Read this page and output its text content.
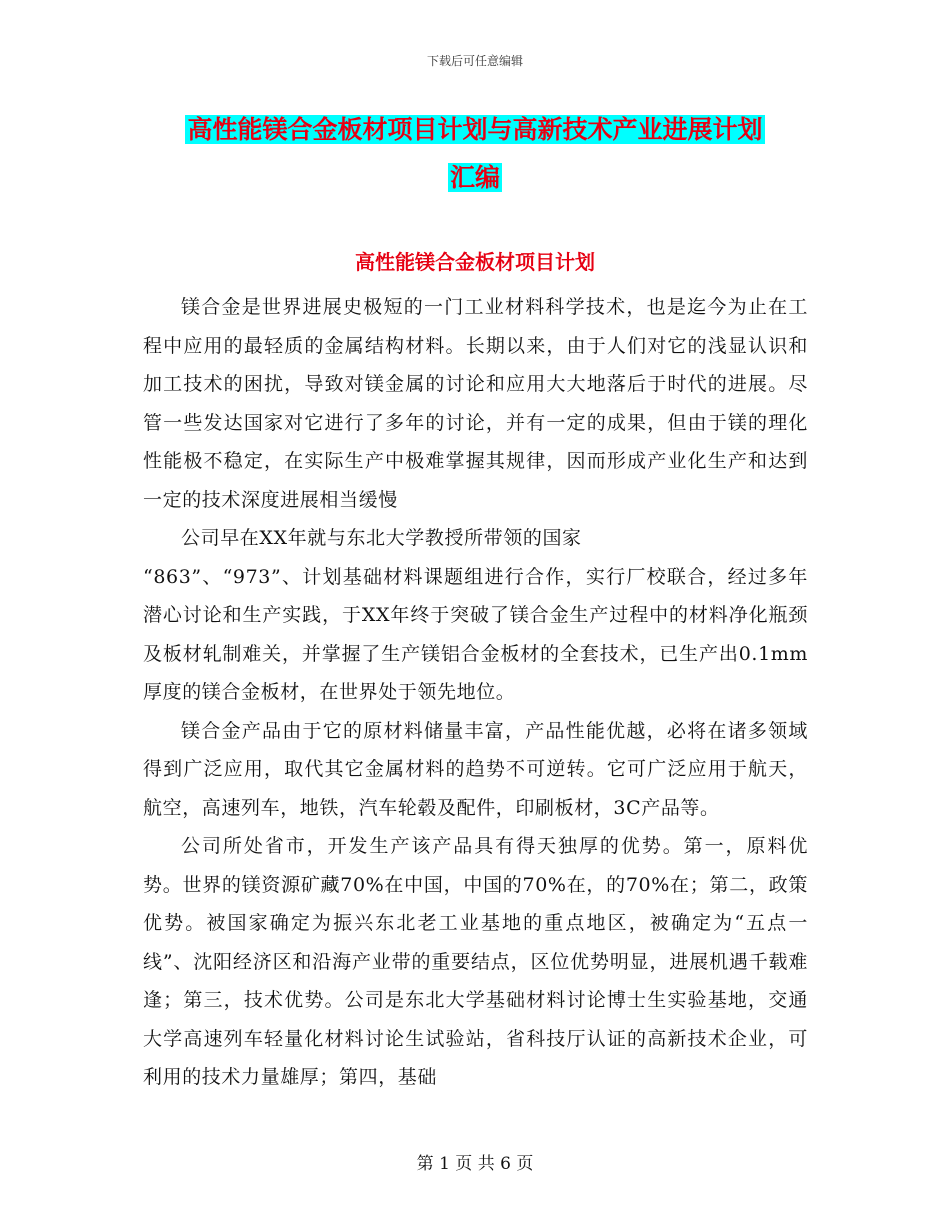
下载后可任意编辑
高性能镁合金板材项目计划与高新技术产业进展计划
汇编
高性能镁合金板材项目计划

镁合金是世界进展史极短的一门工业材料科学技术，也是迄今为止在工程中应用的最轻质的金属结构材料。长期以来，由于人们对它的浅显认识和加工技术的困扰，导致对镁金属的讨论和应用大大地落后于时代的进展。尽管一些发达国家对它进行了多年的讨论，并有一定的成果，但由于镁的理化性能极不稳定，在实际生产中极难掌握其规律，因而形成产业化生产和达到一定的技术深度进展相当缓慢

公司早在XX年就与东北大学教授所带领的国家

“863”、“973”、计划基础材料课题组进行合作，实行厂校联合，经过多年潜心讨论和生产实践，于XX年终于突破了镁合金生产过程中的材料净化瓶颈及板材轧制难关，并掌握了生产镁铝合金板材的全套技术，已生产出0.1mm厚度的镁合金板材，在世界处于领先地位。

镁合金产品由于它的原材料储量丰富，产品性能优越，必将在诸多领域得到广泛应用，取代其它金属材料的趋势不可逆转。它可广泛应用于航天，航空，高速列车，地铁，汽车轮毂及配件，印刷板材，3C产品等。

公司所处省市，开发生产该产品具有得天独厚的优势。第一，原料优势。世界的镁资源矿藏70%在中国，中国的70%在，的70%在；第二，政策优势。被国家确定为振兴东北老工业基地的重点地区，被确定为“五点一线”、沈阳经济区和沿海产业带的重要结点，区位优势明显，进展机遇千载难逢；第三，技术优势。公司是东北大学基础材料讨论博士生实验基地，交通大学高速列车轻量化材料讨论生试验站，省科技厅认证的高新技术企业，可利用的技术力量雄厚；第四，基础

第 1 页 共 6 页
